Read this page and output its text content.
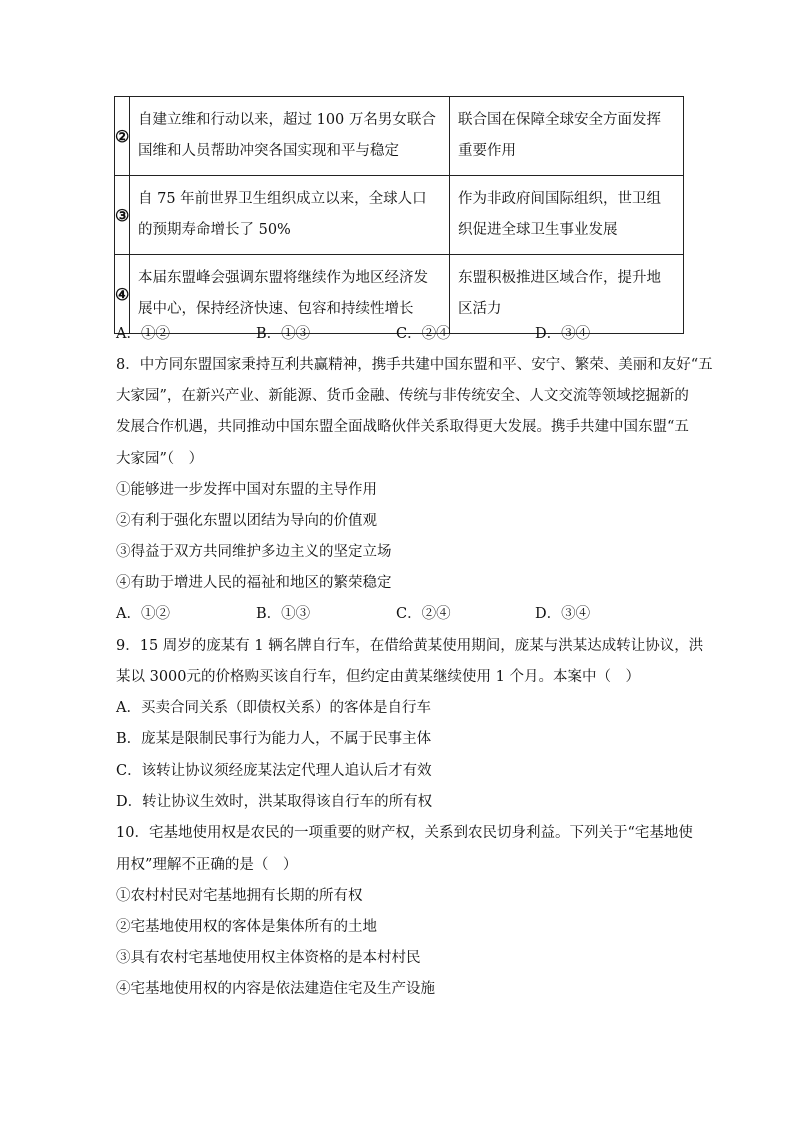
②	自建立维和行动以来，超过 100 万名男女联合国维和人员帮助冲突各国实现和平与稳定	联合国在保障全球安全方面发挥重要作用
③	自 75 年前世界卫生组织成立以来，全球人口的预期寿命增长了 50%	作为非政府间国际组织，世卫组织促进全球卫生事业发展
④	本届东盟峰会强调东盟将继续作为地区经济发展中心，保持经济快速、包容和持续性增长	东盟积极推进区域合作，提升地区活力
A．①②	B．①③	C．②④	D．③④
8．中方同东盟国家秉持互利共赢精神，携手共建中国东盟和平、安宁、繁荣、美丽和友好“五
大家园”，在新兴产业、新能源、货币金融、传统与非传统安全、人文交流等领域挖掘新的
发展合作机遇，共同推动中国东盟全面战略伙伴关系取得更大发展。携手共建中国东盟“五
大家园”（　）
①能够进一步发挥中国对东盟的主导作用
②有利于强化东盟以团结为导向的价值观
③得益于双方共同维护多边主义的坚定立场
④有助于增进人民的福祉和地区的繁荣稳定
A．①②	B．①③	C．②④	D．③④
9．15 周岁的庞某有 1 辆名牌自行车，在借给黄某使用期间，庞某与洪某达成转让协议，洪
某以 3000元的价格购买该自行车，但约定由黄某继续使用 1 个月。本案中（　）
A．买卖合同关系（即债权关系）的客体是自行车
B．庞某是限制民事行为能力人，不属于民事主体
C．该转让协议须经庞某法定代理人追认后才有效
D．转让协议生效时，洪某取得该自行车的所有权
10．宅基地使用权是农民的一项重要的财产权，关系到农民切身利益。下列关于“宅基地使
用权”理解不正确的是（　）
①农村村民对宅基地拥有长期的所有权
②宅基地使用权的客体是集体所有的土地
③具有农村宅基地使用权主体资格的是本村村民
④宅基地使用权的内容是依法建造住宅及生产设施
